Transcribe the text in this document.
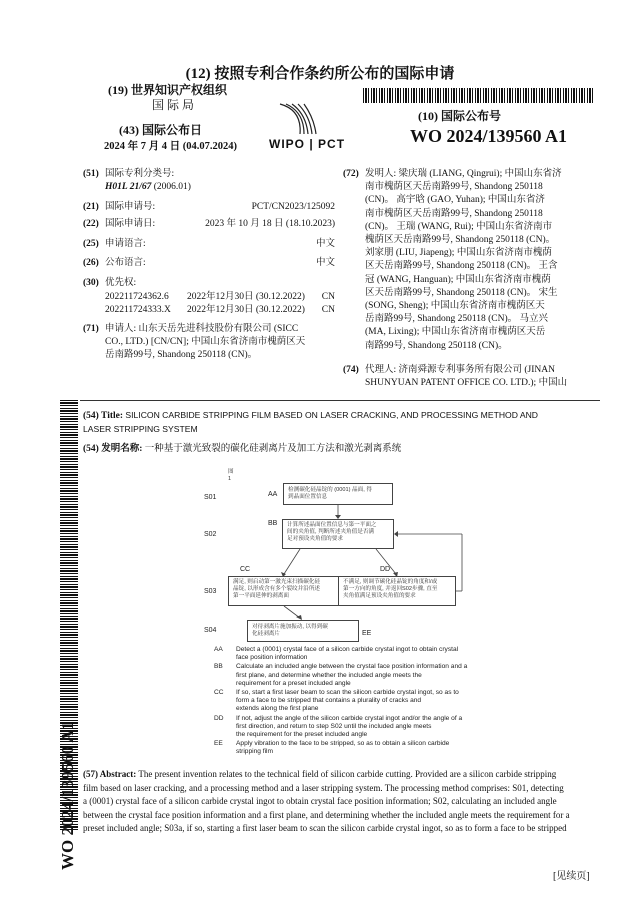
(12) 按照专利合作条约所公布的国际申请
(19) 世界知识产权组织
国 际 局
(43) 国际公布日
2024 年 7 月 4 日 (04.07.2024)	WIPO | PCT
(10) 国际公布号
WO 2024/139560 A1
(51) 国际专利分类号:
H01L 21/67 (2006.01)
(21) 国际申请号:	PCT/CN2023/125092
(22) 国际申请日:	2023 年 10 月 18 日 (18.10.2023)
(25) 申请语言:	中文
(26) 公布语言:	中文
(30) 优先权:
202211724362.6 2022年12月30日 (30.12.2022) CN
202211724333.X 2022年12月30日 (30.12.2022) CN
(71) 申请人: 山东天岳先进科技股份有限公司 (SICC
CO., LTD.) [CN/CN]; 中国山东省济南市槐荫区天
岳南路99号, Shandong 250118 (CN)。
(72) 发明人: 梁庆瑞 (LIANG, Qingrui); 中国山东省济

南市槐荫区天岳南路99号, Shandong 250118
(CN)。 高宇晗 (GAO, Yuhan); 中国山东省济
南市槐荫区天岳南路99号, Shandong 250118
(CN)。 王瑞 (WANG, Rui); 中国山东省济南市
槐荫区天岳南路99号, Shandong 250118 (CN)。
刘家朋 (LIU, Jiapeng); 中国山东省济南市槐荫
区天岳南路99号, Shandong 250118 (CN)。 王含
冠 (WANG, Hanguan); 中国山东省济南市槐荫
区天岳南路99号, Shandong 250118 (CN)。 宋生
(SONG, Sheng); 中国山东省济南市槐荫区天
岳南路99号, Shandong 250118 (CN)。 马立兴
(MA, Lixing); 中国山东省济南市槐荫区天岳
南路99号, Shandong 250118 (CN)。
(74) 代理人: 济南舜源专利事务所有限公司 (JINAN
SHUNYUAN PATENT OFFICE CO. LTD.); 中国山
WO 2024/139560 A1
(54) Title: SILICON CARBIDE STRIPPING FILM BASED ON LASER CRACKING, AND PROCESSING METHOD AND
LASER STRIPPING SYSTEM
(54) 发明名称: 一种基于激光致裂的碳化硅剥离片及加工方法和激光剥离系统
图1
S01
S02
S03
S04
AA
BB
CC	DD
EE
检测碳化硅晶锭的 (0001) 晶面, 得
到晶面位置信息
计算所述晶面位置信息与第一平面之
间的夹角值, 判断所述夹角值是否满
足对预设夹角值的要求
满足, 则启动第一激光束扫描碳化硅
晶锭, 以形成含有多个裂纹并沿所述
第一平面延伸的剥离面
不满足, 则调节碳化硅晶锭的角度和/或
第一方向的角度, 并返回S02步骤, 直至
夹角值满足预设夹角值的要求
对待剥离片施加振动, 以得到碳
化硅剥离片
AA	Detect a (0001) crystal face of a silicon carbide crystal ingot to obtain crystal
face position information
BB	Calculate an included angle between the crystal face position information and a
first plane, and determine whether the included angle meets the
requirement for a preset included angle
CC	If so, start a first laser beam to scan the silicon carbide crystal ingot, so as to
form a face to be stripped that contains a plurality of cracks and
extends along the first plane
DD	If not, adjust the angle of the silicon carbide crystal ingot and/or the angle of a
first direction, and return to step S02 until the included angle meets
the requirement for the preset included angle
EE	Apply vibration to the face to be stripped, so as to obtain a silicon carbide
stripping film
(57) Abstract: The present invention relates to the technical field of silicon carbide cutting. Provided are a silicon carbide stripping
film based on laser cracking, and a processing method and a laser stripping system. The processing method comprises: S01, detecting
a (0001) crystal face of a silicon carbide crystal ingot to obtain crystal face position information; S02, calculating an included angle
between the crystal face position information and a first plane, and determining whether the included angle meets the requirement for a
preset included angle; S03a, if so, starting a first laser beam to scan the silicon carbide crystal ingot, so as to form a face to be stripped
[见续页]
